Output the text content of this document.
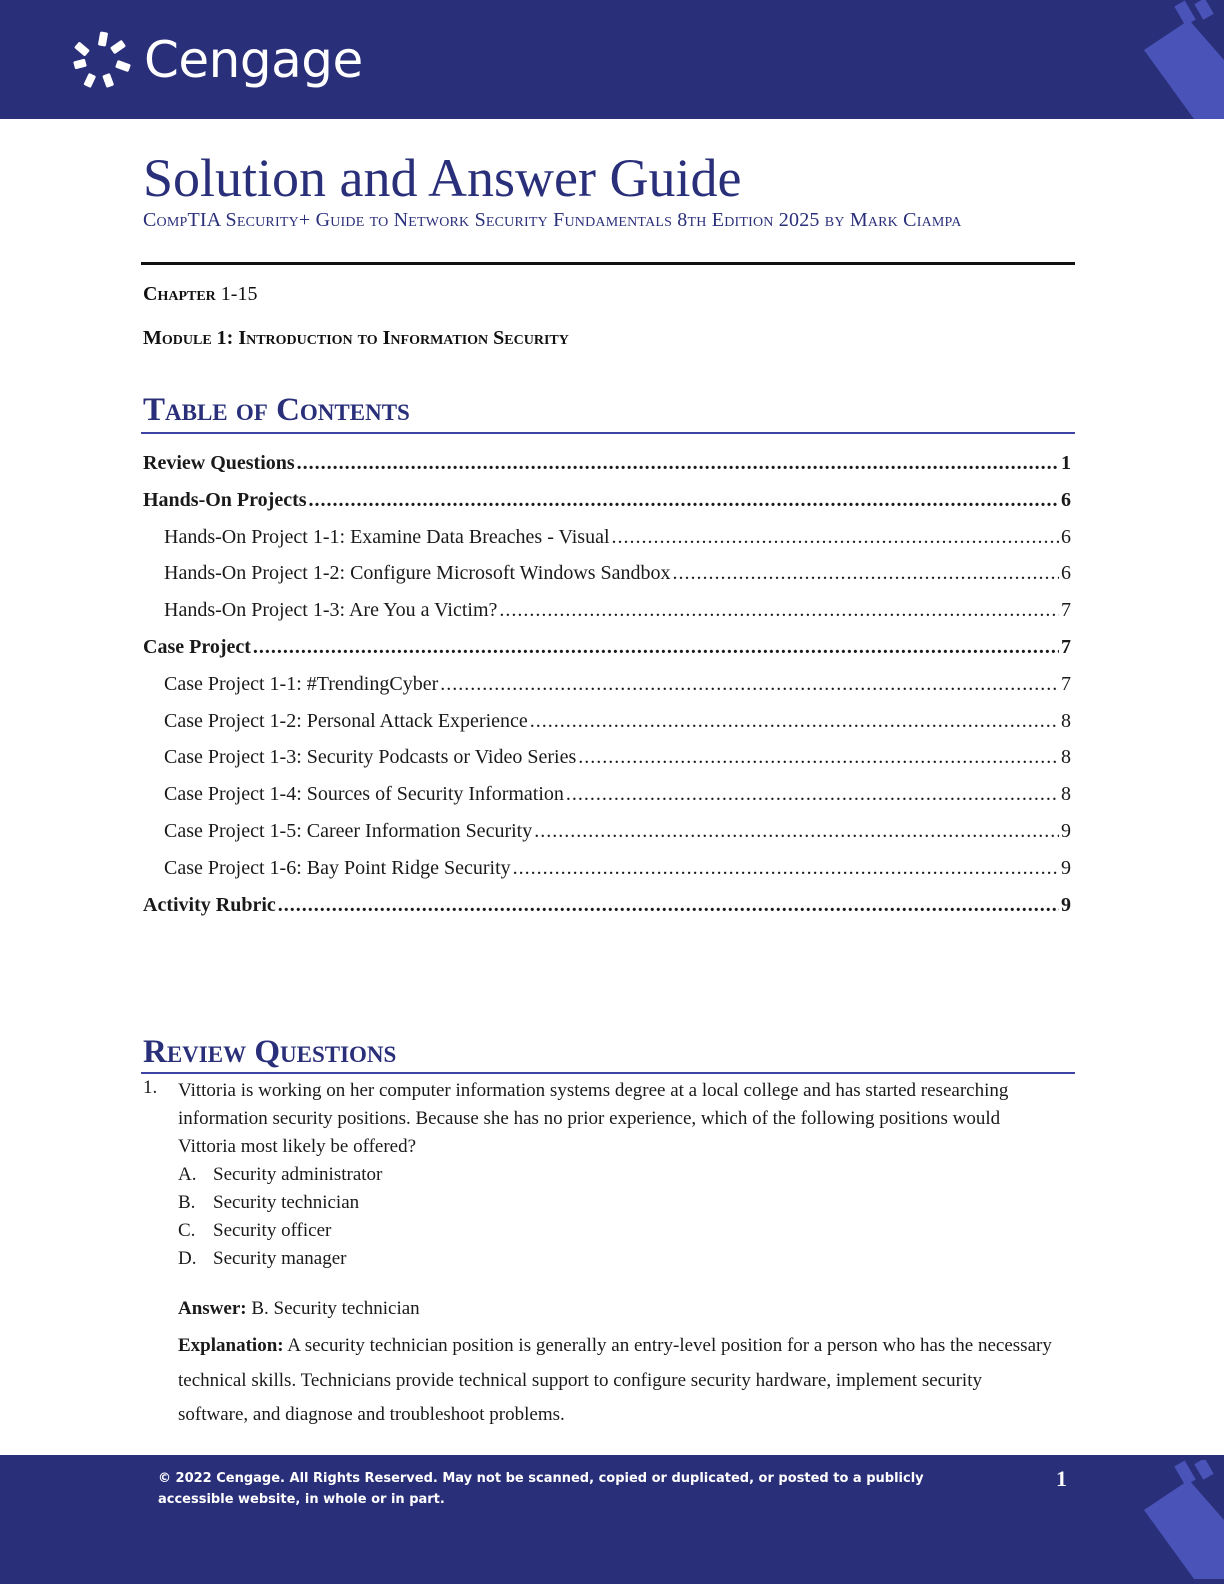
Cengage
Solution and Answer Guide
CompTIA Security+ Guide to Network Security Fundamentals 8th Edition 2025 by Mark Ciampa
Chapter 1-15
Module 1: Introduction to Information Security
Table of Contents
Review Questions .....	1
Hands-On Projects .....	6
Hands-On Project 1-1: Examine Data Breaches - Visual .....	6
Hands-On Project 1-2: Configure Microsoft Windows Sandbox .....	6
Hands-On Project 1-3: Are You a Victim? .....	7
Case Project .....	7
Case Project 1-1: #TrendingCyber .....	7
Case Project 1-2: Personal Attack Experience .....	8
Case Project 1-3: Security Podcasts or Video Series .....	8
Case Project 1-4: Sources of Security Information .....	8
Case Project 1-5: Career Information Security .....	9
Case Project 1-6: Bay Point Ridge Security .....	9
Activity Rubric .....	9
Review Questions
1. Vittoria is working on her computer information systems degree at a local college and has started researching information security positions. Because she has no prior experience, which of the following positions would Vittoria most likely be offered?
A. Security administrator
B. Security technician
C. Security officer
D. Security manager
Answer: B. Security technician
Explanation: A security technician position is generally an entry-level position for a person who has the necessary technical skills. Technicians provide technical support to configure security hardware, implement security software, and diagnose and troubleshoot problems.
© 2022 Cengage. All Rights Reserved. May not be scanned, copied or duplicated, or posted to a publicly accessible website, in whole or in part.
1
